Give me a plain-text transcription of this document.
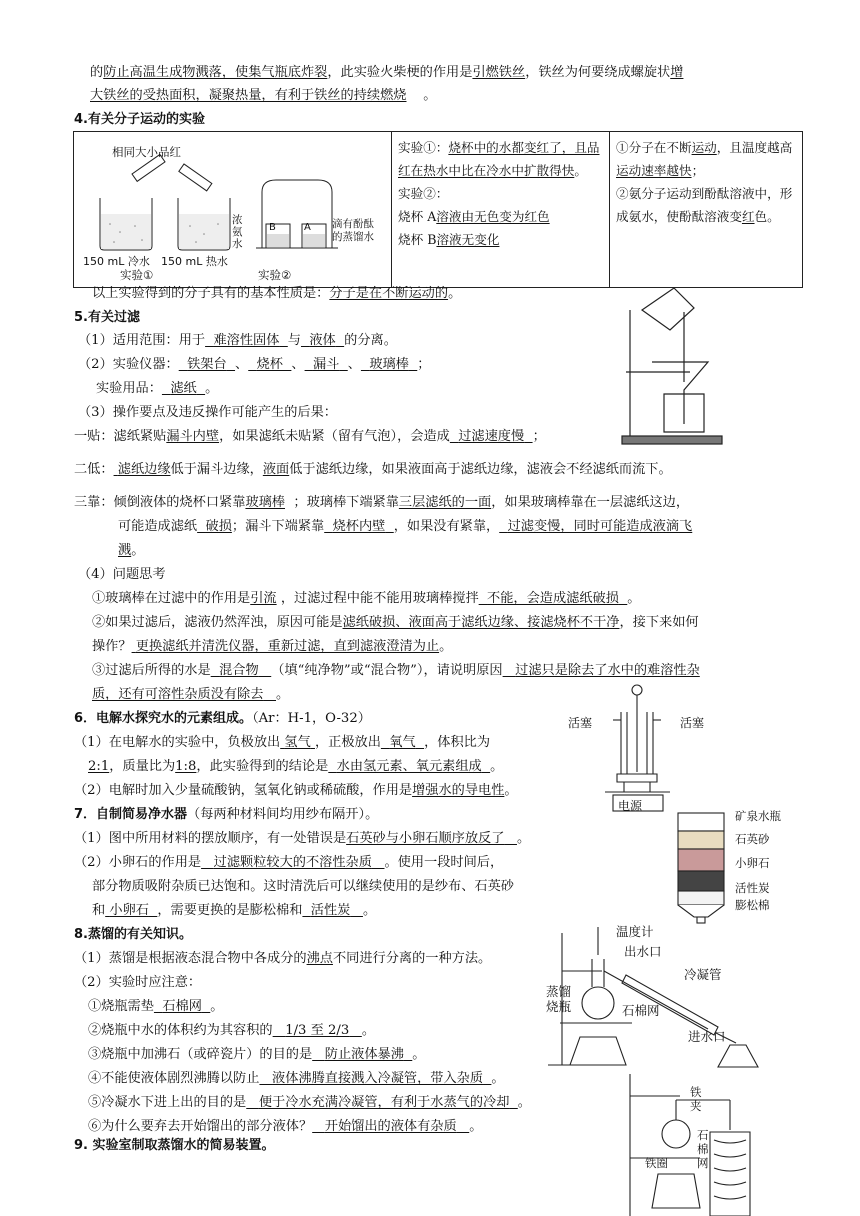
的防止高温生成物溅落，使集气瓶底炸裂，此实验火柴梗的作用是引燃铁丝，铁丝为何要绕成螺旋状增
大铁丝的受热面积，凝聚热量，有利于铁丝的持续燃烧 。
4.有关分子运动的实验
相同大小品红
150 mL 冷水 150 mL 热水
实验①
浓氨水
B	A 滴有酚酞的蒸馏水
实验②

实验①：烧杯中的水都变红了，且品红在热水中比在冷水中扩散得快。
实验②：
烧杯 A溶液由无色变为红色
烧杯 B溶液无变化

①分子在不断运动，且温度越高运动速率越快；
②氨分子运动到酚酞溶液中，形成氨水，使酚酞溶液变红色。
以上实验得到的分子具有的基本性质是：分子是在不断运动的。
5.有关过滤
（1）适用范围：用于 难溶性固体 与 液体 的分离。
（2）实验仪器： 铁架台 、 烧杯 、 漏斗 、 玻璃棒 ；
实验用品： 滤纸 。
（3）操作要点及违反操作可能产生的后果：
一贴：滤纸紧贴漏斗内壁，如果滤纸未贴紧（留有气泡），会造成 过滤速度慢 ；
二低： 滤纸边缘低于漏斗边缘，液面低于滤纸边缘，如果液面高于滤纸边缘，滤液会不经滤纸而流下。
三靠：倾倒液体的烧杯口紧靠玻璃棒 ；玻璃棒下端紧靠三层滤纸的一面，如果玻璃棒靠在一层滤纸这边，
可能造成滤纸 破损；漏斗下端紧靠 烧杯内壁 ，如果没有紧靠， 过滤变慢，同时可能造成液滴飞
溅。
（4）问题思考
①玻璃棒在过滤中的作用是引流 ，过滤过程中能不能用玻璃棒搅拌 不能，会造成滤纸破损 。
②如果过滤后，滤液仍然浑浊，原因可能是滤纸破损、液面高于滤纸边缘、接滤烧杯不干净，接下来如何
操作？ 更换滤纸并清洗仪器，重新过滤，直到滤液澄清为止。
③过滤后所得的水是 混合物 （填“纯净物”或“混合物”），请说明原因 过滤只是除去了水中的难溶性杂
质，还有可溶性杂质没有除去 。
6．电解水探究水的元素组成。（Ar：H-1，O-32）
（1）在电解水的实验中，负极放出 氢气 ，正极放出 氧气 ，体积比为
2:1，质量比为1:8，此实验得到的结论是 水由氢元素、氧元素组成 。
（2）电解时加入少量硫酸钠，氢氧化钠或稀硫酸，作用是增强水的导电性。
活塞	活塞
电源
7．自制简易净水器（每两种材料间均用纱布隔开）。
（1）图中所用材料的摆放顺序，有一处错误是石英砂与小卵石顺序放反了 。
（2）小卵石的作用是 过滤颗粒较大的不溶性杂质 。使用一段时间后，
部分物质吸附杂质已达饱和。这时清洗后可以继续使用的是纱布、石英砂
和 小卵石 ，需要更换的是膨松棉和 活性炭 。
矿泉水瓶
石英砂
小卵石
活性炭
膨松棉
8.蒸馏的有关知识。
（1）蒸馏是根据液态混合物中各成分的沸点不同进行分离的一种方法。
（2）实验时应注意：
①烧瓶需垫 石棉网 。
②烧瓶中水的体积约为其容积的 1/3 至 2/3 。
③烧瓶中加沸石（或碎瓷片）的目的是 防止液体暴沸 。
④不能使液体剧烈沸腾以防止 液体沸腾直接溅入冷凝管，带入杂质 。
⑤冷凝水下进上出的目的是 便于冷水充满冷凝管，有利于水蒸气的冷却 。
⑥为什么要弃去开始馏出的部分液体？ 开始馏出的液体有杂质 。
温度计
出水口
冷凝管
蒸馏烧瓶	石棉网
进水口
9. 实验室制取蒸馏水的简易装置。
铁夹
石棉网
铁圈
